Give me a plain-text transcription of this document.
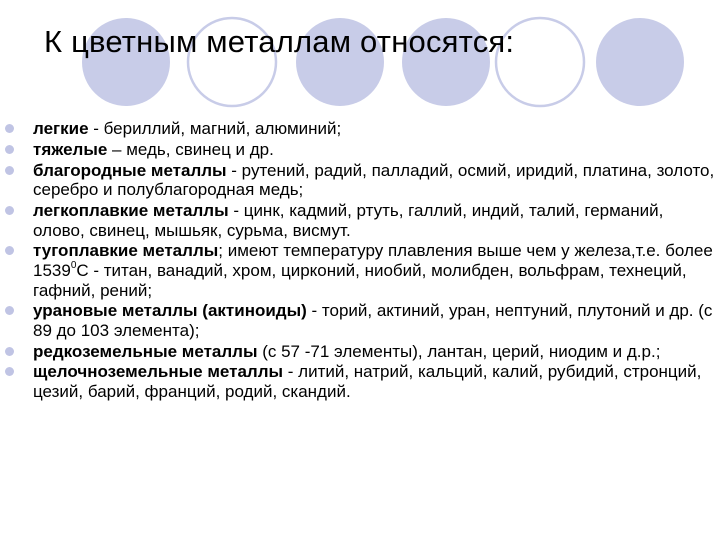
К цветным металлам относятся:
легкие - бериллий, магний, алюминий;
тяжелые – медь, свинец и др.
благородные металлы - рутений, радий, палладий, осмий, иридий, платина, золото, серебро и полублагородная медь;
легкоплавкие металлы - цинк, кадмий, ртуть, галлий, индий, талий, германий, олово, свинец, мышьяк, сурьма, висмут.
тугоплавкие металлы; имеют температуру плавления выше чем у железа,т.е. более 1539$^0$С - титан, ванадий, хром, цирконий, ниобий, молибден, вольфрам, технеций, гафний, рений;
урановые металлы (актиноиды) - торий, актиний, уран, нептуний, плутоний и др. (с 89 до 103 элемента);
редкоземельные металлы (с 57 -71 элементы), лантан, церий, ниодим и д.р.;
щелочноземельные металлы - литий, натрий, кальций, калий, рубидий, стронций, цезий, барий, франций, родий, скандий.
